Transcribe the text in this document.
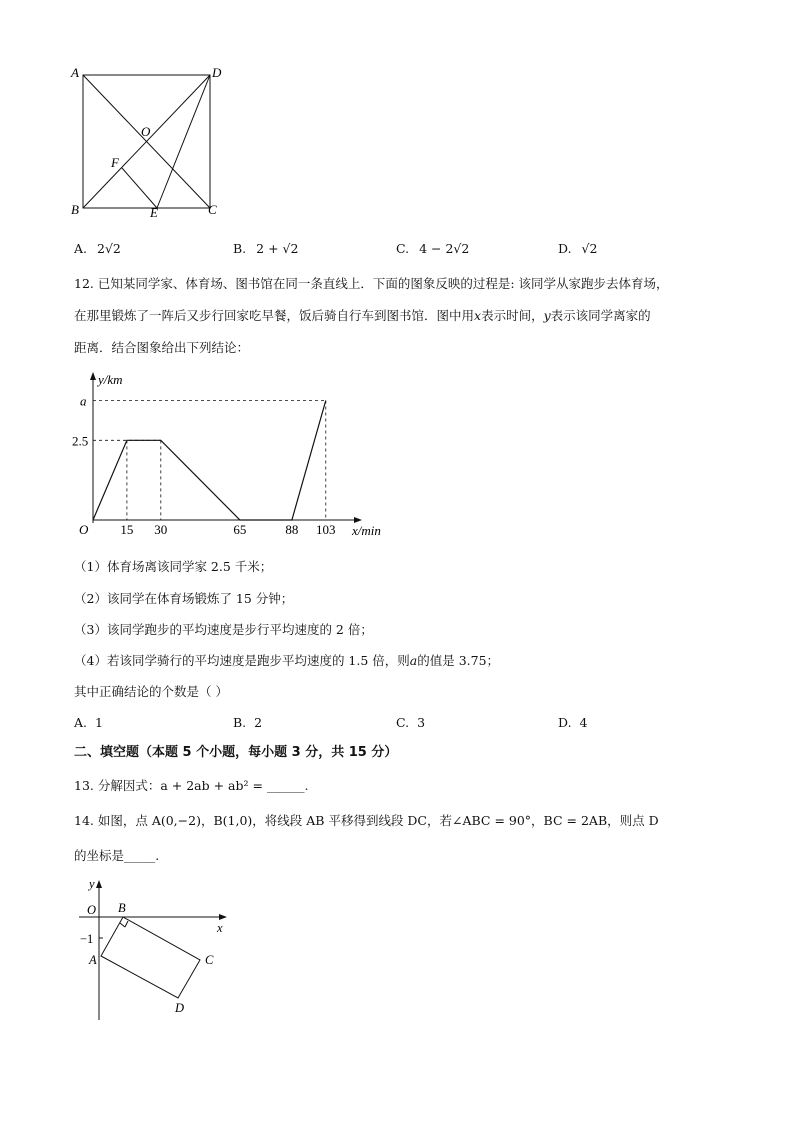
A	D
O
F
B	E	C
A. 2√2	B. 2 + √2	C. 4 − 2√2	D. √2
12. 已知某同学家、体育场、图书馆在同一条直线上．下面的图象反映的过程是: 该同学从家跑步去体育场，
在那里锻炼了一阵后又步行回家吃早餐，饭后骑自行车到图书馆．图中用x表示时间，y表示该同学离家的
距离．结合图象给出下列结论：
y/km
x/min
O
2.5
a
15 30	65	88 103
（1）体育场离该同学家 2.5 千米；
（2）该同学在体育场锻炼了 15 分钟；
（3）该同学跑步的平均速度是步行平均速度的 2 倍；
（4）若该同学骑行的平均速度是跑步平均速度的 1.5 倍，则a的值是 3.75；
其中正确结论的个数是（ ）
A. 1	B. 2	C. 3	D. 4
二、填空题（本题 5 个小题，每小题 3 分，共 15 分）
13. 分解因式：a + 2ab + ab² = ______.
14. 如图，点 A(0,−2)，B(1,0)，将线段 AB 平移得到线段 DC，若∠ABC = 90°，BC = 2AB，则点 D
的坐标是_____.
y
x
O B
A	C
D
−1
